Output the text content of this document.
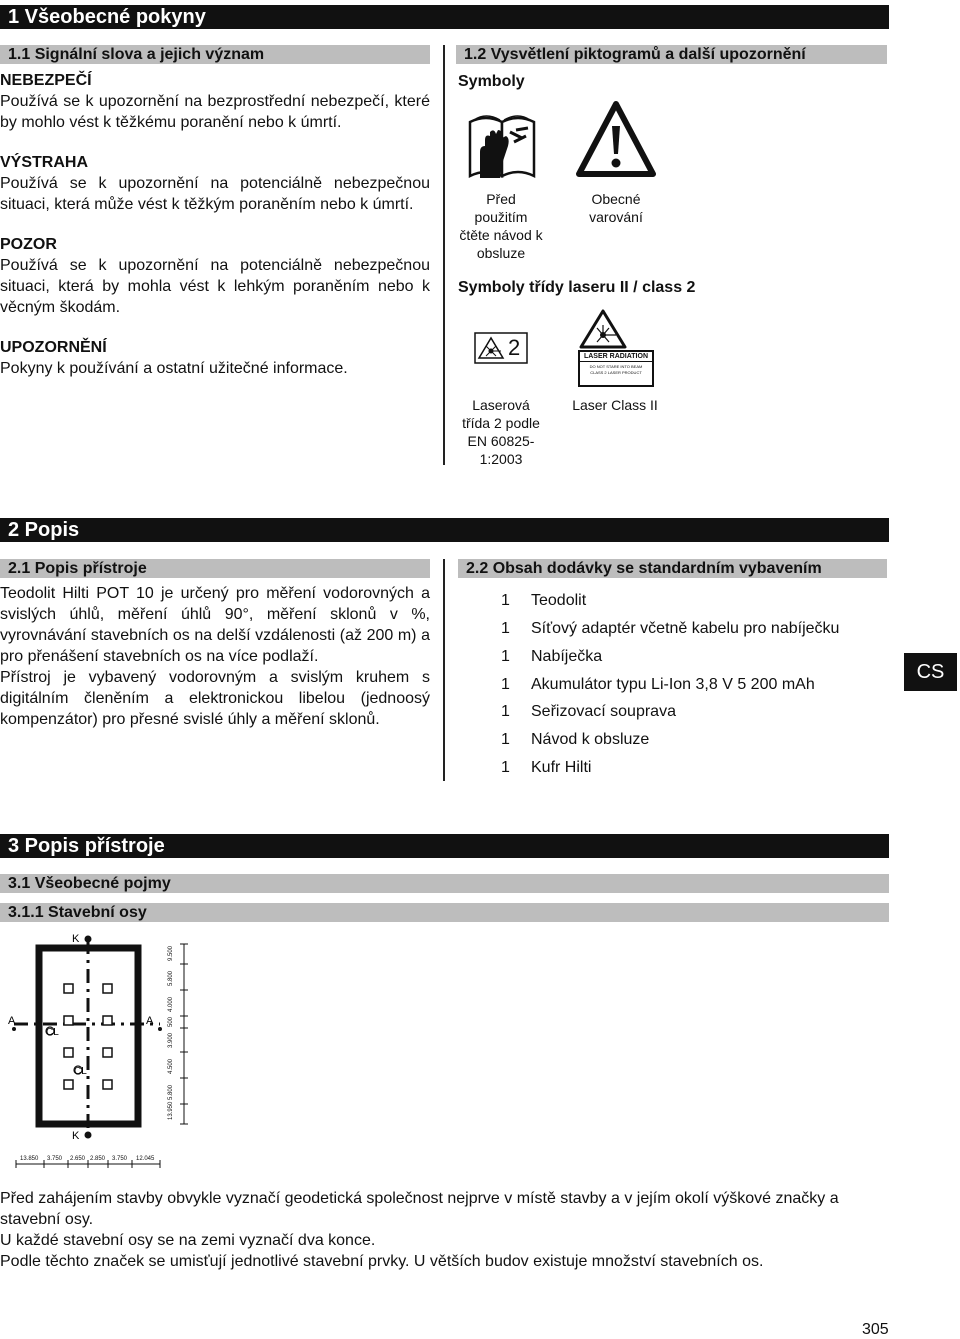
1 Všeobecné pokyny
1.1 Signální slova a jejich význam
NEBEZPEČÍ
Používá se k upozornění na bezprostřední nebezpečí, které by mohlo vést k těžkému poranění nebo k úmrtí.
VÝSTRAHA
Používá se k upozornění na potenciálně nebezpečnou situaci, která může vést k těžkým poraněním nebo k úmrtí.
POZOR
Používá se k upozornění na potenciálně nebezpečnou situaci, která by mohla vést k lehkým poraněním nebo k věcným škodám.
UPOZORNĚNÍ
Pokyny k používání a ostatní užitečné informace.
1.2 Vysvětlení piktogramů a další upozornění
Symboly
Před použitím čtěte návod k obsluze
Obecné varování
Symboly třídy laseru II / class 2
2
Laserová třída 2 podle EN 60825-1:2003
LASER RADIATION
DO NOT STARE INTO BEAM
CLASS 2 LASER PRODUCT
Laser Class II
2 Popis
2.1 Popis přístroje
Teodolit Hilti POT 10 je určený pro měření vodorovných a svislých úhlů, měření úhlů 90°, měření sklonů v %, vyrovnávání stavebních os na delší vzdálenosti (až 200 m) a pro přenášení stavebních os na více podlaží.
Přístroj je vybavený vodorovným a svislým kruhem s digitálním členěním a elektronickou libelou (jednoosý kompenzátor) pro přesné svislé úhly a měření sklonů.
2.2 Obsah dodávky se standardním vybavením
1 Teodolit
1 Síťový adaptér včetně kabelu pro nabíječku
1 Nabíječka
1 Akumulátor typu Li-Ion 3,8 V 5 200 mAh
1 Seřizovací souprava
1 Návod k obsluze
1 Kufr Hilti
CS
3 Popis přístroje
3.1 Všeobecné pojmy
3.1.1 Stavební osy
K
K
A	A
CL
CL
13.950
5.800
4.500
3.900
500
4.000
5.800
9.500
13.850 3.750 2.650 2.850 3.750 12.045
Před zahájením stavby obvykle vyznačí geodetická společnost nejprve v místě stavby a v jejím okolí výškové značky a stavební osy.
U každé stavební osy se na zemi vyznačí dva konce.
Podle těchto značek se umisťují jednotlivé stavební prvky. U větších budov existuje množství stavebních os.
305
